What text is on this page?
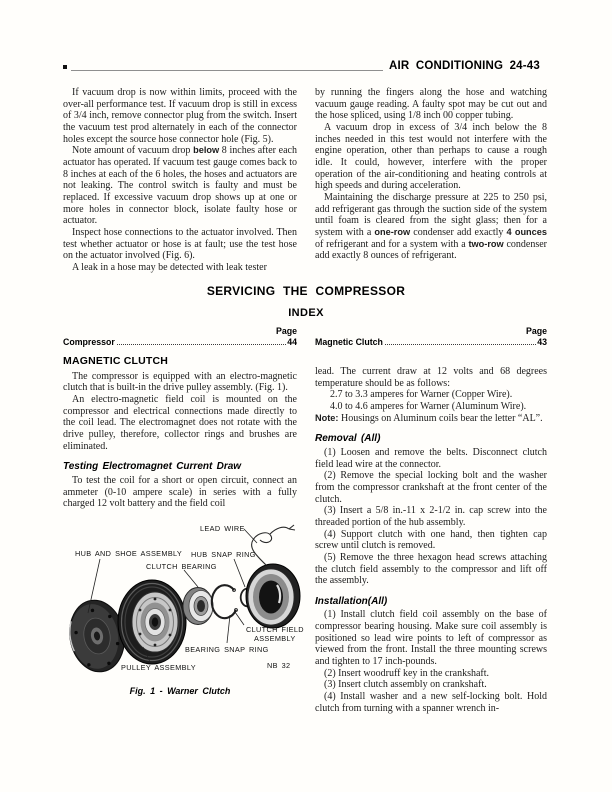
AIR CONDITIONING 24-43

If vacuum drop is now within limits, proceed with the over-all performance test. If vacuum drop is still in excess of 3/4 inch, remove connector plug from the switch. Insert the vacuum test prod alternately in each of the connector holes except the source hose connector hole (Fig. 5).

Note amount of vacuum drop below 8 inches after each actuator has operated. If vacuum test gauge comes back to 8 inches at each of the 6 holes, the hoses and actuators are not leaking. The control switch is faulty and must be replaced. If excessive vacuum drop shows up at one or more holes in connector block, isolate faulty hose or actuator.

Inspect hose connections to the actuator involved. Then test whether actuator or hose is at fault; use the test hose on the actuator involved (Fig. 6).

A leak in a hose may be detected with leak tester

by running the fingers along the hose and watching vacuum gauge reading. A faulty spot may be cut out and the hose spliced, using 1/8 inch 00 copper tubing.

A vacuum drop in excess of 3/4 inch below the 8 inches needed in this test would not interfere with the engine operation, other than perhaps to cause a rough idle. It could, however, interfere with the proper operation of the air-conditioning and heating controls at high speeds and during acceleration.

Maintaining the discharge pressure at 225 to 250 psi, add refrigerant gas through the suction side of the system until foam is cleared from the sight glass; then for a system with a one-row condenser add exactly 4 ounces of refrigerant and for a system with a two-row condenser add exactly 8 ounces of refrigerant.

SERVICING THE COMPRESSOR
INDEX
Page
Compressor	44
Page
Magnetic Clutch	43
MAGNETIC CLUTCH

The compressor is equipped with an electro-magnetic clutch that is built-in the drive pulley assembly. (Fig. 1).

An electro-magnetic field coil is mounted on the compressor and electrical connections made directly to the coil lead. The electromagnet does not rotate with the drive pulley, therefore, collector rings and brushes are eliminated.

Testing Electromagnet Current Draw

To test the coil for a short or open circuit, connect an ammeter (0-10 ampere scale) in series with a fully charged 12 volt battery and the field coil

LEAD WIRE
HUB AND SHOE ASSEMBLY HUB SNAP RING
CLUTCH BEARING
CLUTCH FIELD
ASSEMBLY
BEARING SNAP RING
PULLEY ASSEMBLY	NB 32
Fig. 1 - Warner Clutch

lead. The current draw at 12 volts and 68 degrees temperature should be as follows:

2.7 to 3.3 amperes for Warner (Copper Wire).

4.0 to 4.6 amperes for Warner (Aluminum Wire).

Note: Housings on Aluminum coils bear the letter “AL”.

Removal (All)

(1) Loosen and remove the belts. Disconnect clutch field lead wire at the connector.

(2) Remove the special locking bolt and the washer from the compressor crankshaft at the front center of the clutch.

(3) Insert a 5/8 in.-11 x 2-1/2 in. cap screw into the threaded portion of the hub assembly.

(4) Support clutch with one hand, then tighten cap screw until clutch is removed.

(5) Remove the three hexagon head screws attaching the clutch field assembly to the compressor and lift off the assembly.

Installation(All)

(1) Install clutch field coil assembly on the base of compressor bearing housing. Make sure coil assembly is positioned so lead wire points to left of compressor as viewed from the front. Install the three mounting screws and tighten to 17 inch-pounds.

(2) Insert woodruff key in the crankshaft.

(3) Insert clutch assembly on crankshaft.

(4) Install washer and a new self-locking bolt. Hold clutch from turning with a spanner wrench in-
